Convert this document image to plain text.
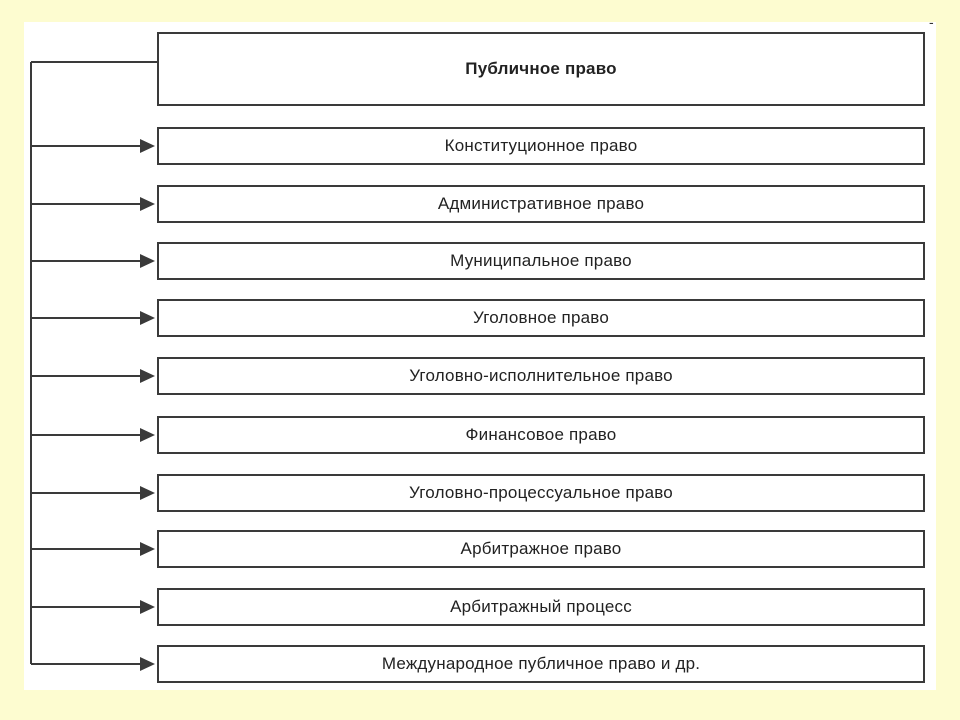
Публичное право
Конституционное право
Административное право
Муниципальное право
Уголовное право
Уголовно-исполнительное право
Финансовое право
Уголовно-процессуальное право
Арбитражное право
Арбитражный процесс
Международное публичное право и др.
-
